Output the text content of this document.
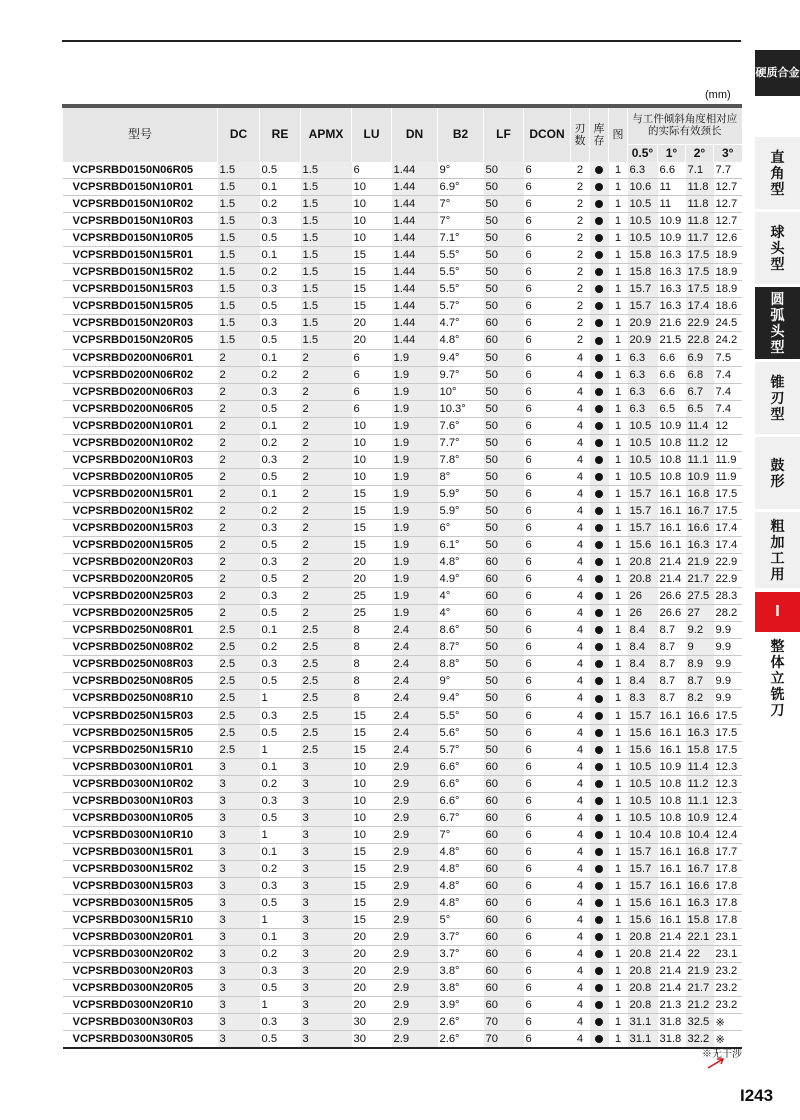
(mm)
型号	DC	RE	APMX	LU	DN	B2	LF	DCON	刃数	库存	图	与工件倾斜角度相对应的实际有效颈长			
												0.5°	1°	2°	3°
VCPSRBD0150N06R05	1.5	0.5	1.5	6	1.44	9°	50	6	2		1	6.3	6.6	7.1	7.7
VCPSRBD0150N10R01	1.5	0.1	1.5	10	1.44	6.9°	50	6	2		1	10.6	11	11.8	12.7
VCPSRBD0150N10R02	1.5	0.2	1.5	10	1.44	7°	50	6	2		1	10.5	11	11.8	12.7
VCPSRBD0150N10R03	1.5	0.3	1.5	10	1.44	7°	50	6	2		1	10.5	10.9	11.8	12.7
VCPSRBD0150N10R05	1.5	0.5	1.5	10	1.44	7.1°	50	6	2		1	10.5	10.9	11.7	12.6
VCPSRBD0150N15R01	1.5	0.1	1.5	15	1.44	5.5°	50	6	2		1	15.8	16.3	17.5	18.9
VCPSRBD0150N15R02	1.5	0.2	1.5	15	1.44	5.5°	50	6	2		1	15.8	16.3	17.5	18.9
VCPSRBD0150N15R03	1.5	0.3	1.5	15	1.44	5.5°	50	6	2		1	15.7	16.3	17.5	18.9
VCPSRBD0150N15R05	1.5	0.5	1.5	15	1.44	5.7°	50	6	2		1	15.7	16.3	17.4	18.6
VCPSRBD0150N20R03	1.5	0.3	1.5	20	1.44	4.7°	60	6	2		1	20.9	21.6	22.9	24.5
VCPSRBD0150N20R05	1.5	0.5	1.5	20	1.44	4.8°	60	6	2		1	20.9	21.5	22.8	24.2
VCPSRBD0200N06R01	2	0.1	2	6	1.9	9.4°	50	6	4		1	6.3	6.6	6.9	7.5
VCPSRBD0200N06R02	2	0.2	2	6	1.9	9.7°	50	6	4		1	6.3	6.6	6.8	7.4
VCPSRBD0200N06R03	2	0.3	2	6	1.9	10°	50	6	4		1	6.3	6.6	6.7	7.4
VCPSRBD0200N06R05	2	0.5	2	6	1.9	10.3°	50	6	4		1	6.3	6.5	6.5	7.4
VCPSRBD0200N10R01	2	0.1	2	10	1.9	7.6°	50	6	4		1	10.5	10.9	11.4	12
VCPSRBD0200N10R02	2	0.2	2	10	1.9	7.7°	50	6	4		1	10.5	10.8	11.2	12
VCPSRBD0200N10R03	2	0.3	2	10	1.9	7.8°	50	6	4		1	10.5	10.8	11.1	11.9
VCPSRBD0200N10R05	2	0.5	2	10	1.9	8°	50	6	4		1	10.5	10.8	10.9	11.9
VCPSRBD0200N15R01	2	0.1	2	15	1.9	5.9°	50	6	4		1	15.7	16.1	16.8	17.5
VCPSRBD0200N15R02	2	0.2	2	15	1.9	5.9°	50	6	4		1	15.7	16.1	16.7	17.5
VCPSRBD0200N15R03	2	0.3	2	15	1.9	6°	50	6	4		1	15.7	16.1	16.6	17.4
VCPSRBD0200N15R05	2	0.5	2	15	1.9	6.1°	50	6	4		1	15.6	16.1	16.3	17.4
VCPSRBD0200N20R03	2	0.3	2	20	1.9	4.8°	60	6	4		1	20.8	21.4	21.9	22.9
VCPSRBD0200N20R05	2	0.5	2	20	1.9	4.9°	60	6	4		1	20.8	21.4	21.7	22.9
VCPSRBD0200N25R03	2	0.3	2	25	1.9	4°	60	6	4		1	26	26.6	27.5	28.3
VCPSRBD0200N25R05	2	0.5	2	25	1.9	4°	60	6	4		1	26	26.6	27	28.2
VCPSRBD0250N08R01	2.5	0.1	2.5	8	2.4	8.6°	50	6	4		1	8.4	8.7	9.2	9.9
VCPSRBD0250N08R02	2.5	0.2	2.5	8	2.4	8.7°	50	6	4		1	8.4	8.7	9	9.9
VCPSRBD0250N08R03	2.5	0.3	2.5	8	2.4	8.8°	50	6	4		1	8.4	8.7	8.9	9.9
VCPSRBD0250N08R05	2.5	0.5	2.5	8	2.4	9°	50	6	4		1	8.4	8.7	8.7	9.9
VCPSRBD0250N08R10	2.5	1	2.5	8	2.4	9.4°	50	6	4		1	8.3	8.7	8.2	9.9
VCPSRBD0250N15R03	2.5	0.3	2.5	15	2.4	5.5°	50	6	4		1	15.7	16.1	16.6	17.5
VCPSRBD0250N15R05	2.5	0.5	2.5	15	2.4	5.6°	50	6	4		1	15.6	16.1	16.3	17.5
VCPSRBD0250N15R10	2.5	1	2.5	15	2.4	5.7°	50	6	4		1	15.6	16.1	15.8	17.5
VCPSRBD0300N10R01	3	0.1	3	10	2.9	6.6°	60	6	4		1	10.5	10.9	11.4	12.3
VCPSRBD0300N10R02	3	0.2	3	10	2.9	6.6°	60	6	4		1	10.5	10.8	11.2	12.3
VCPSRBD0300N10R03	3	0.3	3	10	2.9	6.6°	60	6	4		1	10.5	10.8	11.1	12.3
VCPSRBD0300N10R05	3	0.5	3	10	2.9	6.7°	60	6	4		1	10.5	10.8	10.9	12.4
VCPSRBD0300N10R10	3	1	3	10	2.9	7°	60	6	4		1	10.4	10.8	10.4	12.4
VCPSRBD0300N15R01	3	0.1	3	15	2.9	4.8°	60	6	4		1	15.7	16.1	16.8	17.7
VCPSRBD0300N15R02	3	0.2	3	15	2.9	4.8°	60	6	4		1	15.7	16.1	16.7	17.8
VCPSRBD0300N15R03	3	0.3	3	15	2.9	4.8°	60	6	4		1	15.7	16.1	16.6	17.8
VCPSRBD0300N15R05	3	0.5	3	15	2.9	4.8°	60	6	4		1	15.6	16.1	16.3	17.8
VCPSRBD0300N15R10	3	1	3	15	2.9	5°	60	6	4		1	15.6	16.1	15.8	17.8
VCPSRBD0300N20R01	3	0.1	3	20	2.9	3.7°	60	6	4		1	20.8	21.4	22.1	23.1
VCPSRBD0300N20R02	3	0.2	3	20	2.9	3.7°	60	6	4		1	20.8	21.4	22	23.1
VCPSRBD0300N20R03	3	0.3	3	20	2.9	3.8°	60	6	4		1	20.8	21.4	21.9	23.2
VCPSRBD0300N20R05	3	0.5	3	20	2.9	3.8°	60	6	4		1	20.8	21.4	21.7	23.2
VCPSRBD0300N20R10	3	1	3	20	2.9	3.9°	60	6	4		1	20.8	21.3	21.2	23.2
VCPSRBD0300N30R03	3	0.3	3	30	2.9	2.6°	70	6	4		1	31.1	31.8	32.5	※
VCPSRBD0300N30R05	3	0.5	3	30	2.9	2.6°	70	6	4		1	31.1	31.8	32.2	※
※无干涉
I243
硬质合金
直角型
球头型
圆弧头型
锥刃型
鼓形
粗加工用
I
整体立铣刀
